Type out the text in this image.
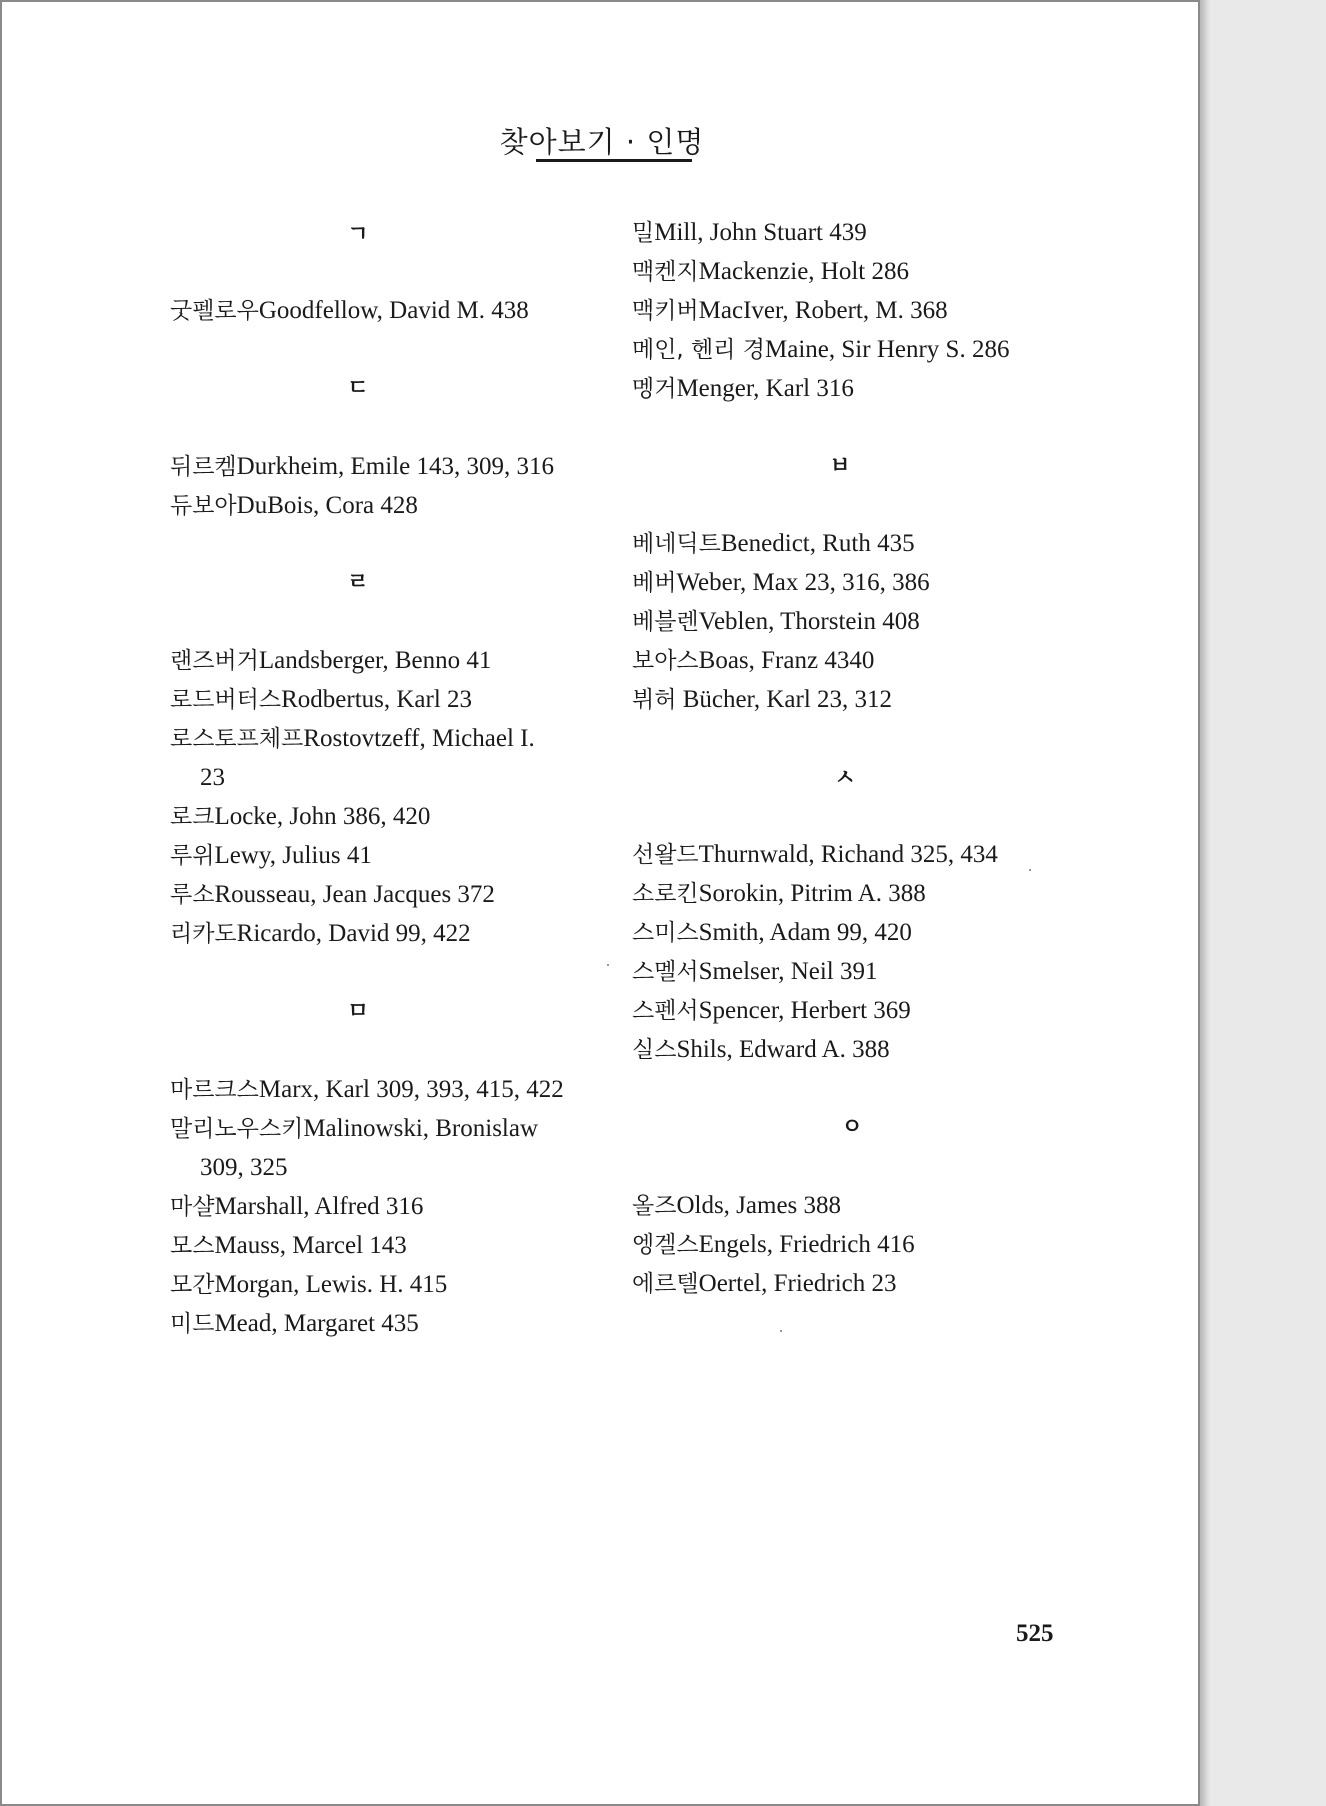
찾아보기 · 인명
ㄱ
굿펠로우Goodfellow, David M. 438
ㄷ
뒤르켐Durkheim, Emile 143, 309, 316
듀보아DuBois, Cora 428
ㄹ
랜즈버거Landsberger, Benno 41
로드버터스Rodbertus, Karl 23
로스토프체프Rostovtzeff, Michael I.
23
로크Locke, John 386, 420
루위Lewy, Julius 41
루소Rousseau, Jean Jacques 372
리카도Ricardo, David 99, 422
ㅁ
마르크스Marx, Karl 309, 393, 415, 422
말리노우스키Malinowski, Bronislaw
309, 325
마샬Marshall, Alfred 316
모스Mauss, Marcel 143
모간Morgan, Lewis. H. 415
미드Mead, Margaret 435
밀Mill, John Stuart 439
맥켄지Mackenzie, Holt 286
맥키버MacIver, Robert, M. 368
메인, 헨리 경Maine, Sir Henry S. 286
멩거Menger, Karl 316
ㅂ
베네딕트Benedict, Ruth 435
베버Weber, Max 23, 316, 386
베블렌Veblen, Thorstein 408
보아스Boas, Franz 4340
뷔허 Bücher, Karl 23, 312
ㅅ
선왈드Thurnwald, Richand 325, 434
소로킨Sorokin, Pitrim A. 388
스미스Smith, Adam 99, 420
스멜서Smelser, Neil 391
스펜서Spencer, Herbert 369
실스Shils, Edward A. 388
ㅇ
올즈Olds, James 388
엥겔스Engels, Friedrich 416
에르텔Oertel, Friedrich 23
525
